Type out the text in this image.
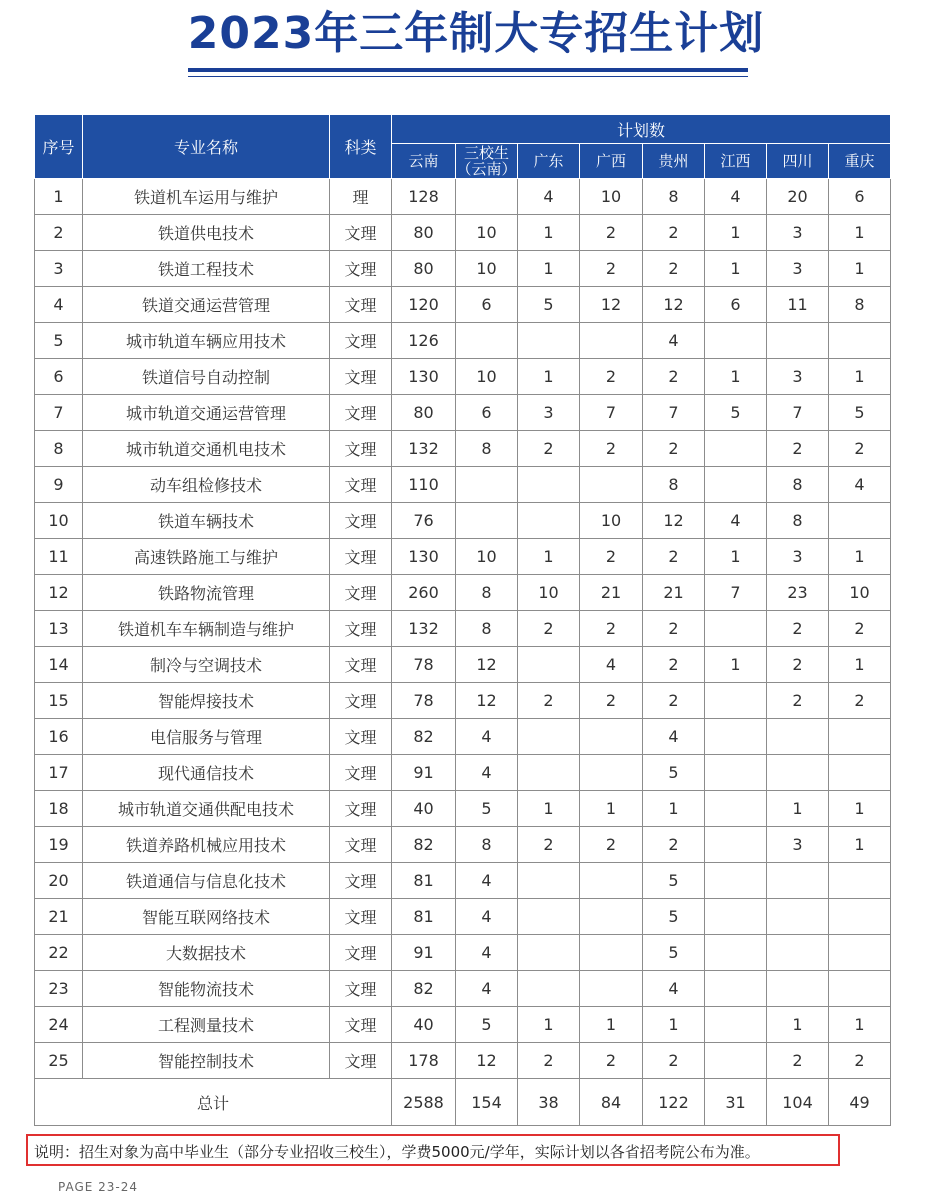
2023年三年制大专招生计划
序号	专业名称	科类	计划数							
			云南	三校生（云南）	广东	广西	贵州	江西	四川	重庆
1	铁道机车运用与维护	理	128		4	10	8	4	20	6
2	铁道供电技术	文理	80	10	1	2	2	1	3	1
3	铁道工程技术	文理	80	10	1	2	2	1	3	1
4	铁道交通运营管理	文理	120	6	5	12	12	6	11	8
5	城市轨道车辆应用技术	文理	126				4			
6	铁道信号自动控制	文理	130	10	1	2	2	1	3	1
7	城市轨道交通运营管理	文理	80	6	3	7	7	5	7	5
8	城市轨道交通机电技术	文理	132	8	2	2	2		2	2
9	动车组检修技术	文理	110				8		8	4
10	铁道车辆技术	文理	76			10	12	4	8	
11	高速铁路施工与维护	文理	130	10	1	2	2	1	3	1
12	铁路物流管理	文理	260	8	10	21	21	7	23	10
13	铁道机车车辆制造与维护	文理	132	8	2	2	2		2	2
14	制冷与空调技术	文理	78	12		4	2	1	2	1
15	智能焊接技术	文理	78	12	2	2	2		2	2
16	电信服务与管理	文理	82	4			4			
17	现代通信技术	文理	91	4			5			
18	城市轨道交通供配电技术	文理	40	5	1	1	1		1	1
19	铁道养路机械应用技术	文理	82	8	2	2	2		3	1
20	铁道通信与信息化技术	文理	81	4			5			
21	智能互联网络技术	文理	81	4			5			
22	大数据技术	文理	91	4			5			
23	智能物流技术	文理	82	4			4			
24	工程测量技术	文理	40	5	1	1	1		1	1
25	智能控制技术	文理	178	12	2	2	2		2	2
总计			2588	154	38	84	122	31	104	49
说明：招生对象为高中毕业生（部分专业招收三校生），学费5000元/学年，实际计划以各省招考院公布为准。
PAGE 23-24
